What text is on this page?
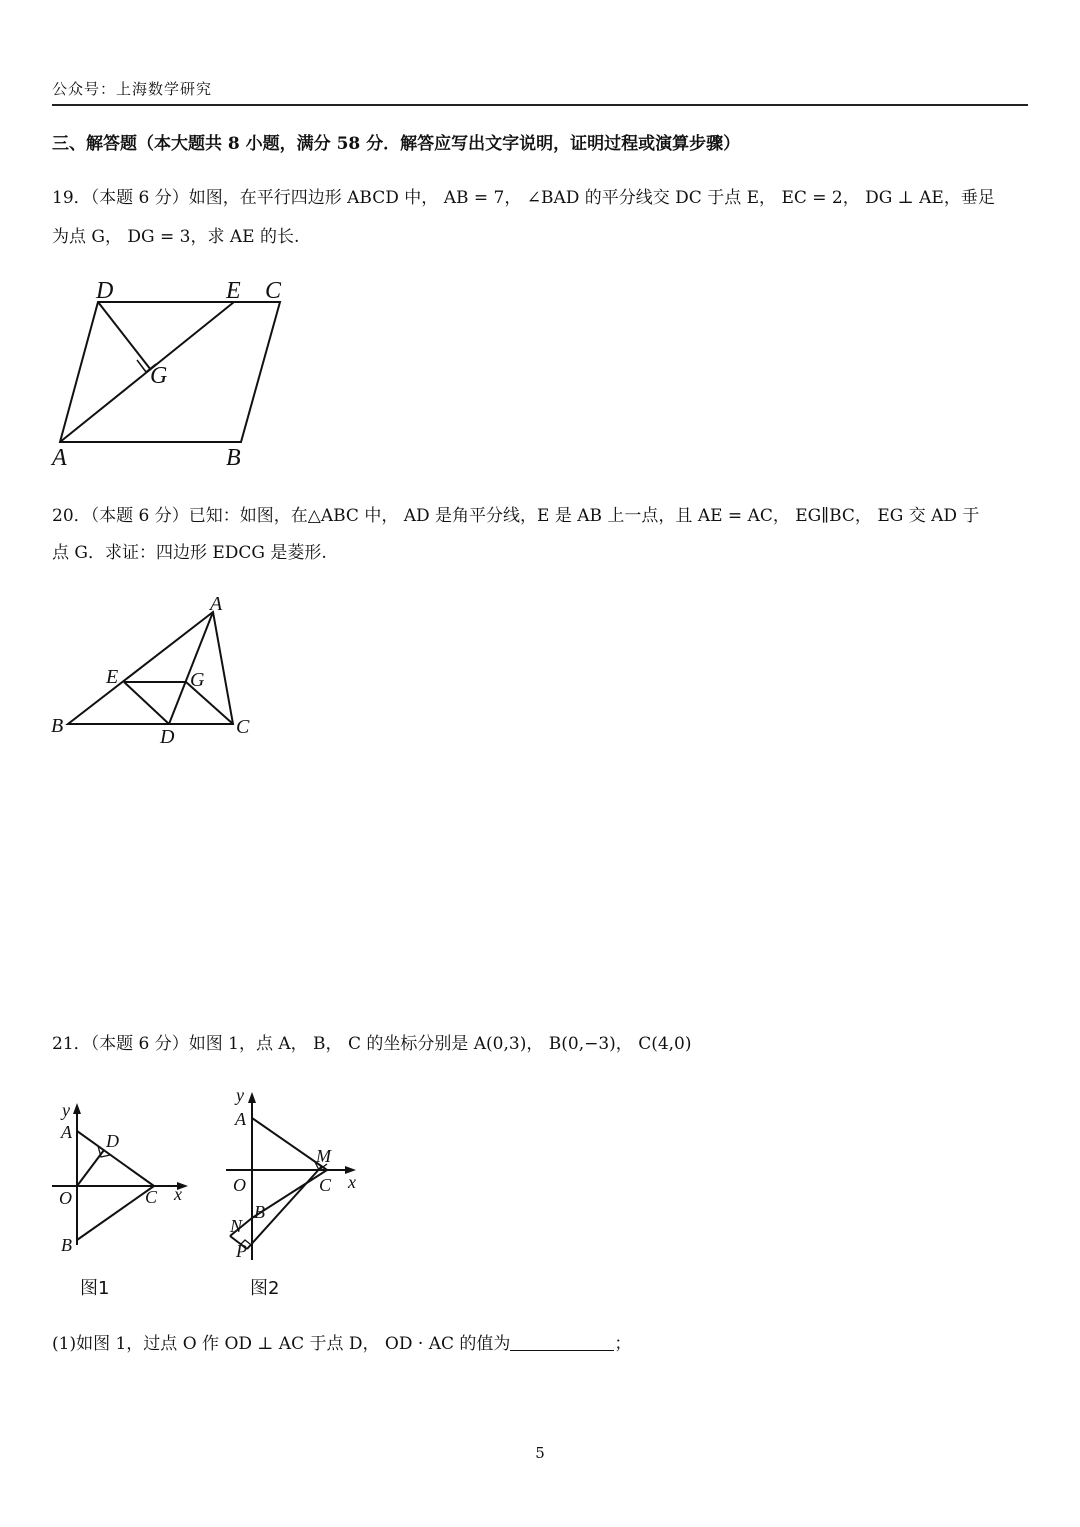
公众号：上海数学研究
三、解答题（本大题共 8 小题，满分 58 分．解答应写出文字说明，证明过程或演算步骤）
19．（本题 6 分）如图，在平行四边形 ABCD 中， AB = 7， ∠BAD 的平分线交 DC 于点 E， EC = 2， DG ⊥ AE，垂足
为点 G， DG = 3，求 AE 的长.
D	E C
G
A	B
20．（本题 6 分）已知：如图，在△ABC 中， AD 是角平分线，E 是 AB 上一点，且 AE = AC， EG∥BC， EG 交 AD 于
点 G．求证：四边形 EDCG 是菱形.
A
E	G
B	D	C
21．（本题 6 分）如图 1，点 A， B， C 的坐标分别是 A(0,3)， B(0,−3)， C(4,0)
y
A D
O	C x
B
图1
y
A
M
O	C x
B
N
P
图2
(1)如图 1，过点 O 作 OD ⊥ AC 于点 D， OD · AC 的值为	；
5
